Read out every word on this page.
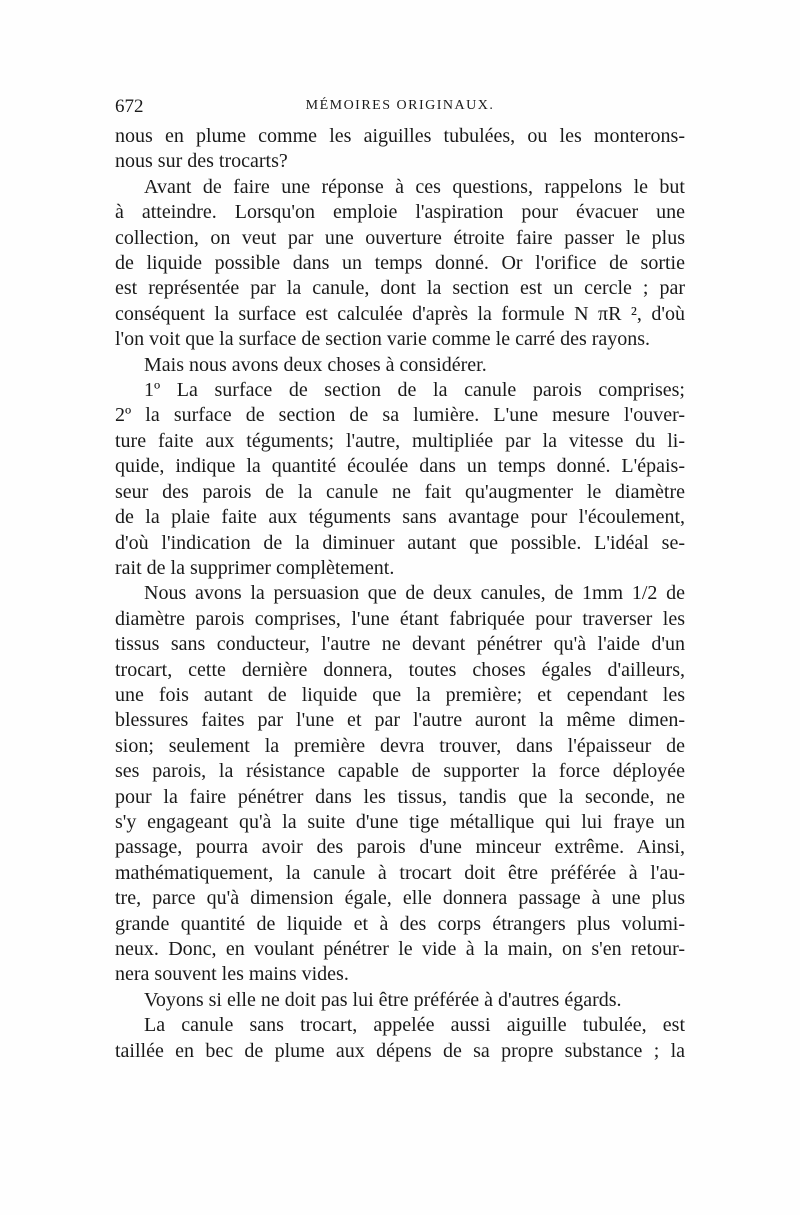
672	MÉMOIRES ORIGINAUX.
nous en plume comme les aiguilles tubulées, ou les monterons-
nous sur des trocarts?
Avant de faire une réponse à ces questions, rappelons le but
à atteindre. Lorsqu'on emploie l'aspiration pour évacuer une
collection, on veut par une ouverture étroite faire passer le plus
de liquide possible dans un temps donné. Or l'orifice de sortie
est représentée par la canule, dont la section est un cercle ; par
conséquent la surface est calculée d'après la formule N πR ², d'où
l'on voit que la surface de section varie comme le carré des rayons.
Mais nous avons deux choses à considérer.
1º La surface de section de la canule parois comprises;
2º la surface de section de sa lumière. L'une mesure l'ouver-
ture faite aux téguments; l'autre, multipliée par la vitesse du li-
quide, indique la quantité écoulée dans un temps donné. L'épais-
seur des parois de la canule ne fait qu'augmenter le diamètre
de la plaie faite aux téguments sans avantage pour l'écoulement,
d'où l'indication de la diminuer autant que possible. L'idéal se-
rait de la supprimer complètement.
Nous avons la persuasion que de deux canules, de 1mm 1/2 de
diamètre parois comprises, l'une étant fabriquée pour traverser les
tissus sans conducteur, l'autre ne devant pénétrer qu'à l'aide d'un
trocart, cette dernière donnera, toutes choses égales d'ailleurs,
une fois autant de liquide que la première; et cependant les
blessures faites par l'une et par l'autre auront la même dimen-
sion; seulement la première devra trouver, dans l'épaisseur de
ses parois, la résistance capable de supporter la force déployée
pour la faire pénétrer dans les tissus, tandis que la seconde, ne
s'y engageant qu'à la suite d'une tige métallique qui lui fraye un
passage, pourra avoir des parois d'une minceur extrême. Ainsi,
mathématiquement, la canule à trocart doit être préférée à l'au-
tre, parce qu'à dimension égale, elle donnera passage à une plus
grande quantité de liquide et à des corps étrangers plus volumi-
neux. Donc, en voulant pénétrer le vide à la main, on s'en retour-
nera souvent les mains vides.
Voyons si elle ne doit pas lui être préférée à d'autres égards.
La canule sans trocart, appelée aussi aiguille tubulée, est
taillée en bec de plume aux dépens de sa propre substance ; la
